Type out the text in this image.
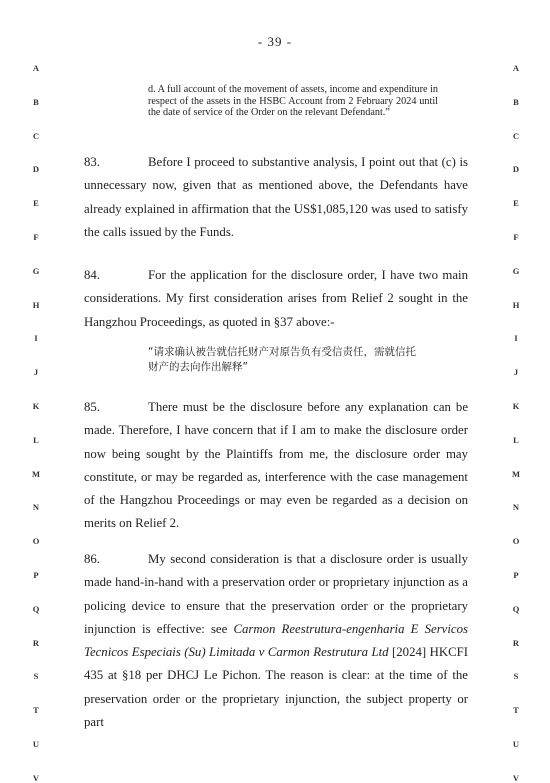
- 39 -
d. A full account of the movement of assets, income and expenditure in respect of the assets in the HSBC Account from 2 February 2024 until the date of service of the Order on the relevant Defendant.”
83.	Before I proceed to substantive analysis, I point out that (c) is unnecessary now, given that as mentioned above, the Defendants have already explained in affirmation that the US$1,085,120 was used to satisfy the calls issued by the Funds.
84.	For the application for the disclosure order, I have two main considerations. My first consideration arises from Relief 2 sought in the Hangzhou Proceedings, as quoted in §37 above:-
“请求确认被告就信托财产对原告负有受信责任，需就信托
财产的去向作出解释”
85.	There must be the disclosure before any explanation can be made. Therefore, I have concern that if I am to make the disclosure order now being sought by the Plaintiffs from me, the disclosure order may constitute, or may be regarded as, interference with the case management of the Hangzhou Proceedings or may even be regarded as a decision on merits on Relief 2.
86.	My second consideration is that a disclosure order is usually made hand-in-hand with a preservation order or proprietary injunction as a policing device to ensure that the preservation order or the proprietary injunction is effective: see Carmon Reestrutura-engenharia E Servicos Tecnicos Especiais (Su) Limitada v Carmon Restrutura Ltd [2024] HKCFI 435 at §18 per DHCJ Le Pichon. The reason is clear: at the time of the preservation order or the proprietary injunction, the subject property or part
A
B
C
D
E
F
G
H
I
J
K
L
M
N
O
P
Q
R
S
T
U
V
A
B
C
D
E
F
G
H
I
J
K
L
M
N
O
P
Q
R
S
T
U
V
